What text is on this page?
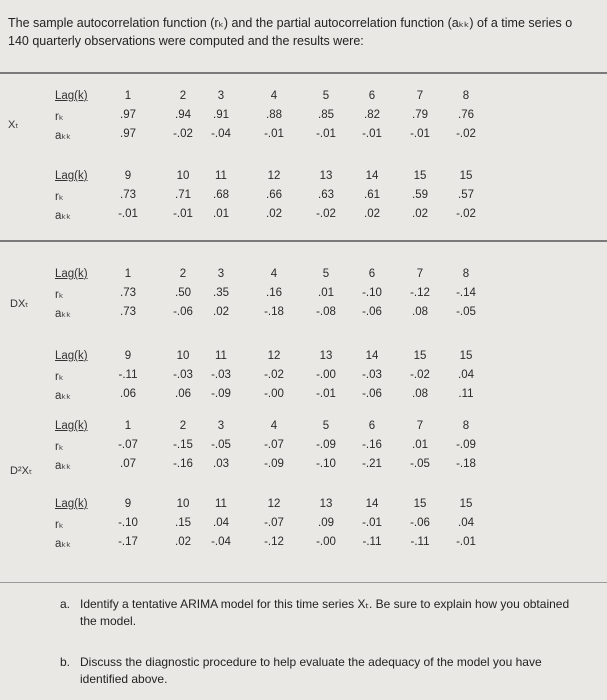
The sample autocorrelation function (rₖ) and the partial autocorrelation function (aₖₖ) of a time series o
140 quarterly observations were computed and the results were:
Xₜ
Lag(k)	1	2	3	4	5	6	7	8
rₖ	.97	.94	.91	.88	.85	.82	.79	.76
aₖₖ	.97	-.02	-.04	-.01	-.01	-.01	-.01	-.02
Lag(k)	9	10	11	12	13	14	15	15
rₖ	.73	.71	.68	.66	.63	.61	.59	.57
aₖₖ	-.01	-.01	.01	.02	-.02	.02	.02	-.02
DXₜ
Lag(k)	1	2	3	4	5	6	7	8
rₖ	.73	.50	.35	.16	.01	-.10	-.12	-.14
aₖₖ	.73	-.06	.02	-.18	-.08	-.06	.08	-.05
Lag(k)	9	10	11	12	13	14	15	15
rₖ	-.11	-.03	-.03	-.02	-.00	-.03	-.02	.04
aₖₖ	.06	.06	-.09	-.00	-.01	-.06	.08	.11
D²Xₜ
Lag(k)	1	2	3	4	5	6	7	8
rₖ	-.07	-.15	-.05	-.07	-.09	-.16	.01	-.09
aₖₖ	.07	-.16	.03	-.09	-.10	-.21	-.05	-.18
Lag(k)	9	10	11	12	13	14	15	15
rₖ	-.10	.15	.04	-.07	.09	-.01	-.06	.04
aₖₖ	-.17	.02	-.04	-.12	-.00	-.11	-.11	-.01
a. Identify a tentative ARIMA model for this time series Xₜ. Be sure to explain how you obtained the model.
b. Discuss the diagnostic procedure to help evaluate the adequacy of the model you have identified above.
